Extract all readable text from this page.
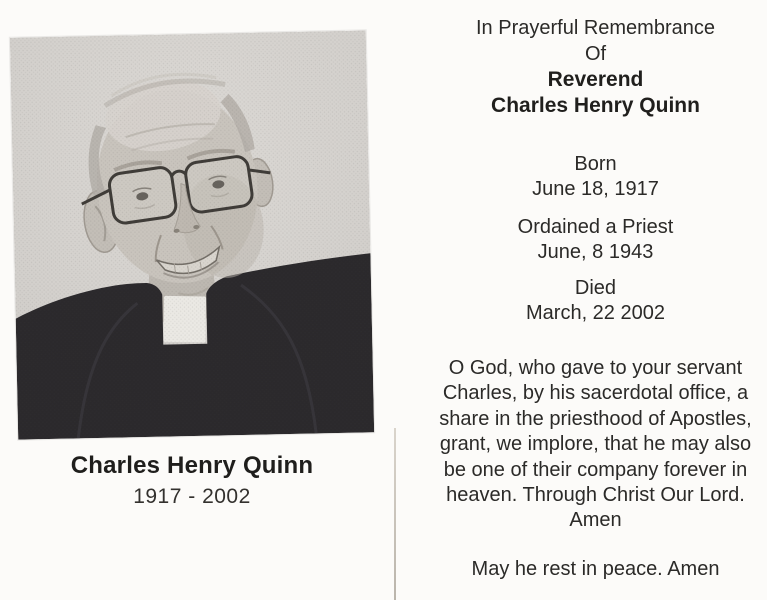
Charles Henry Quinn
1917 - 2002
In Prayerful Remembrance
Of
Reverend
Charles Henry Quinn
Born
June 18, 1917
Ordained a Priest
June, 8 1943
Died
March, 22 2002
O God, who gave to your servant
Charles, by his sacerdotal office, a
share in the priesthood of Apostles,
grant, we implore, that he may also
be one of their company forever in
heaven. Through Christ Our Lord.
Amen
May he rest in peace. Amen
